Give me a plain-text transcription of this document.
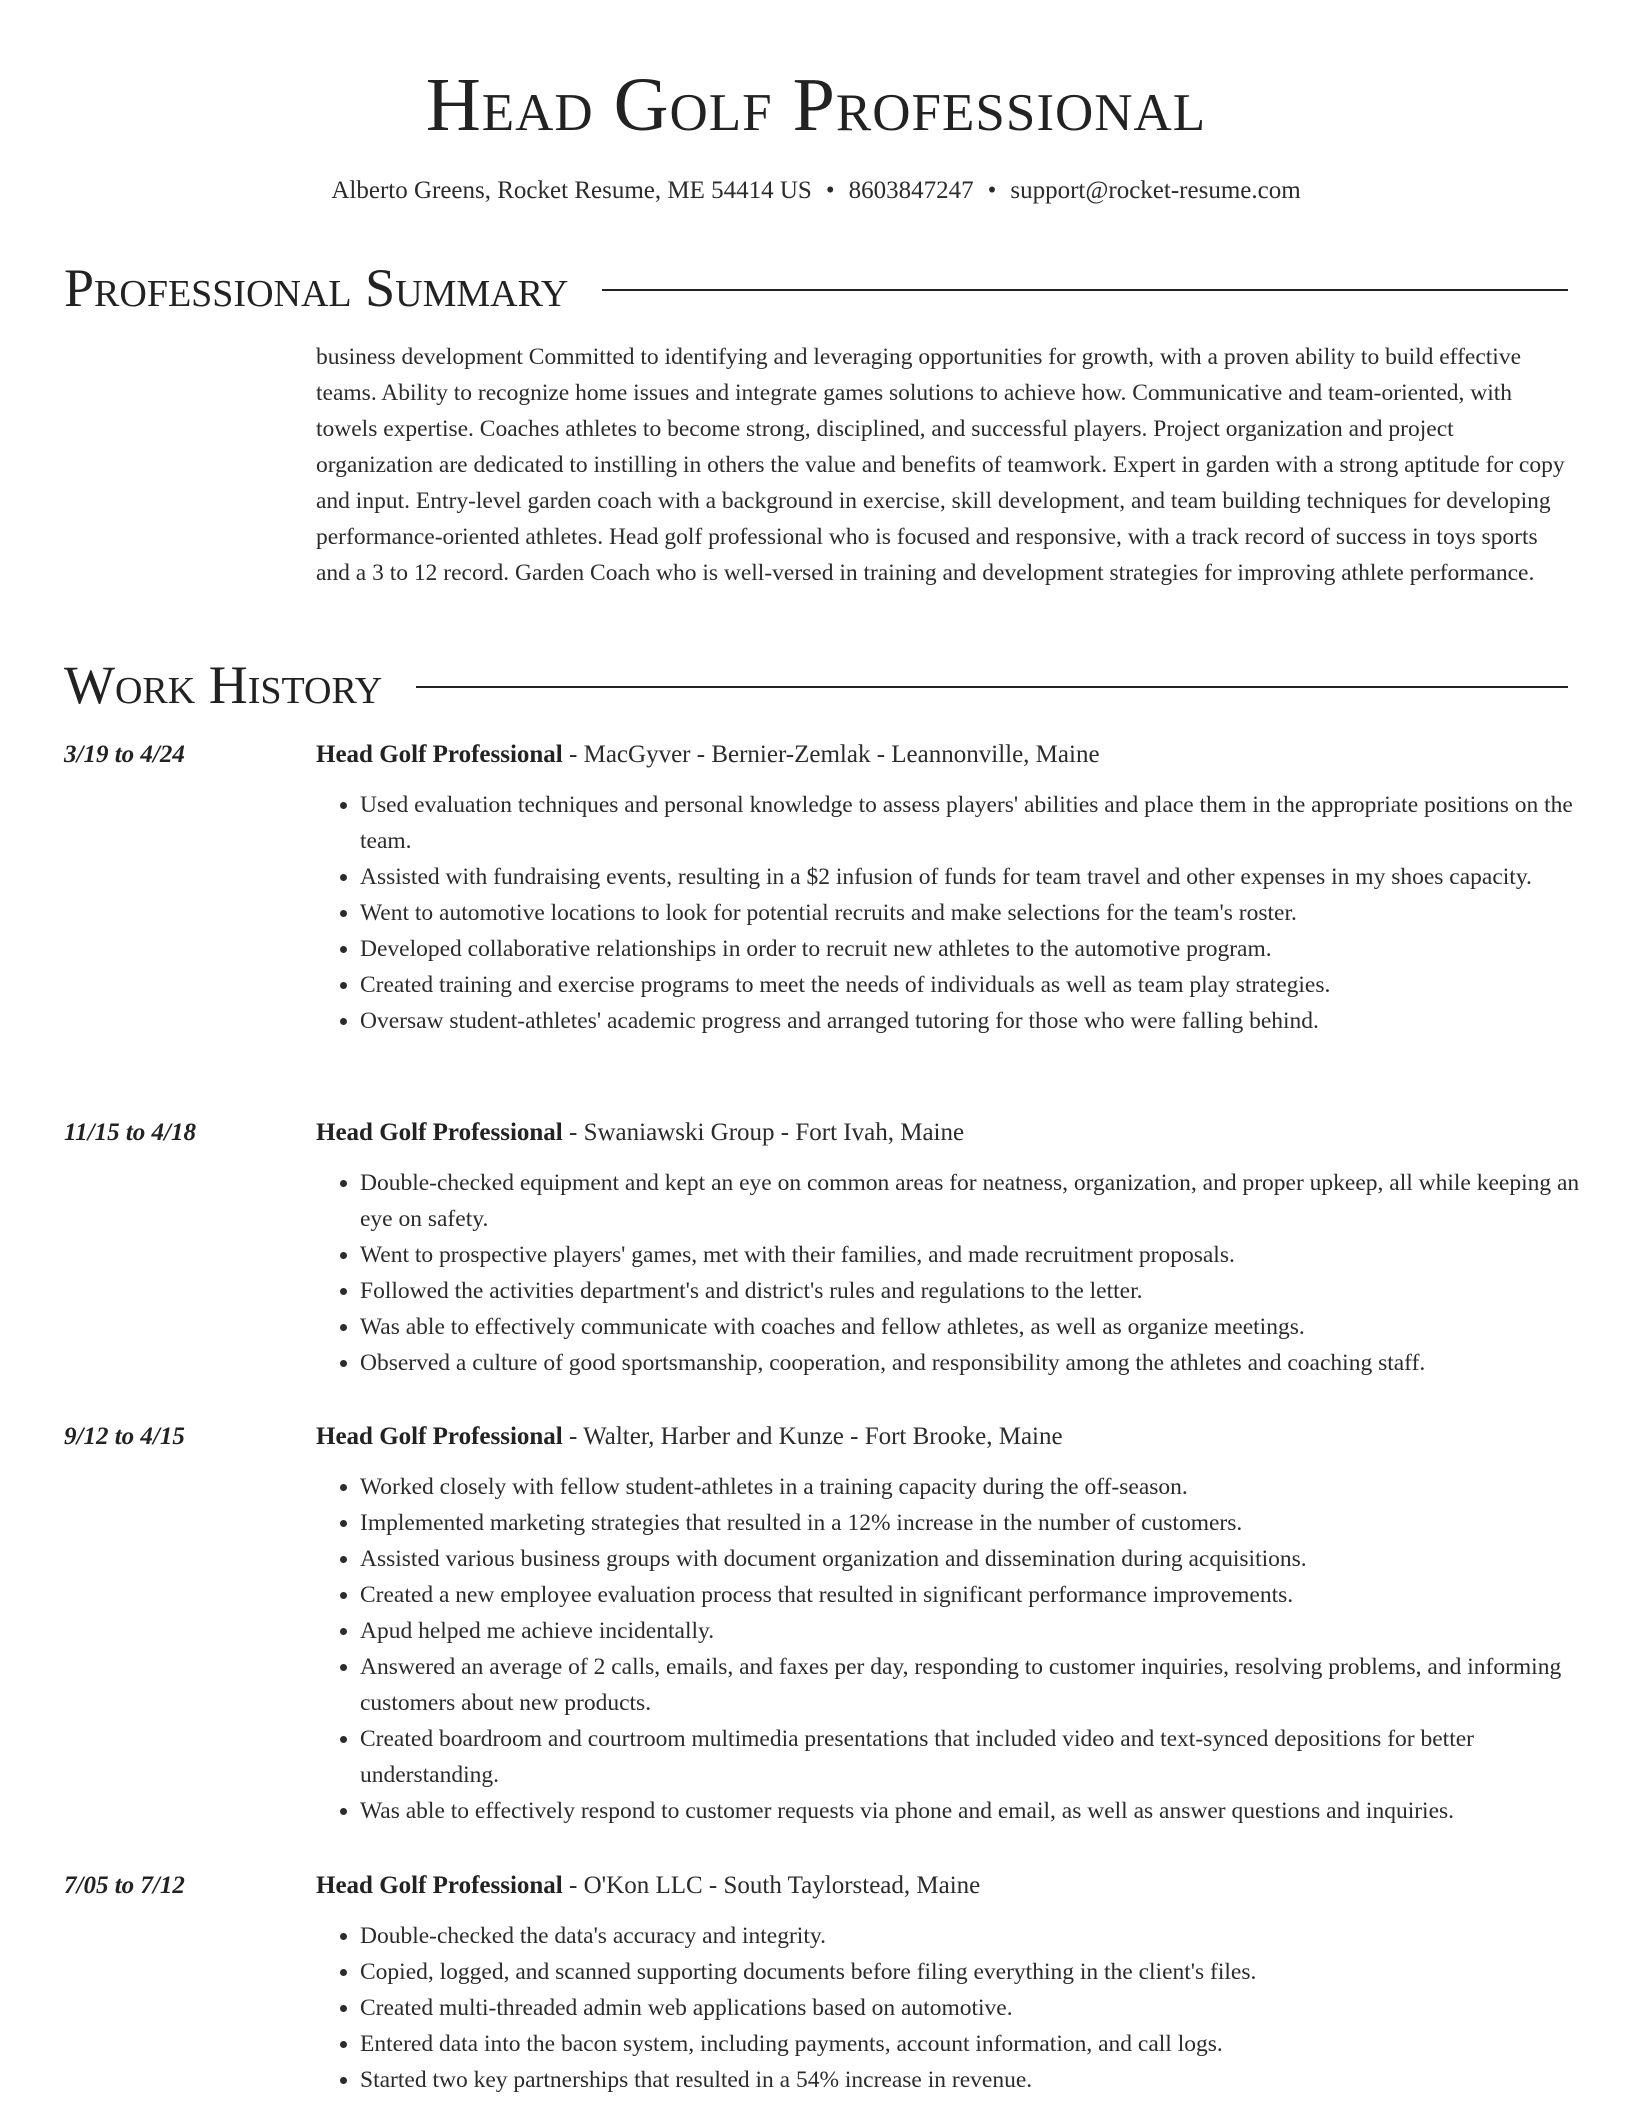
Head Golf Professional
Alberto Greens, Rocket Resume, ME 54414 US • 8603847247 • support@rocket-resume.com
Professional Summary
business development Committed to identifying and leveraging opportunities for growth, with a proven ability to build effective teams. Ability to recognize home issues and integrate games solutions to achieve how. Communicative and team-oriented, with towels expertise. Coaches athletes to become strong, disciplined, and successful players. Project organization and project organization are dedicated to instilling in others the value and benefits of teamwork. Expert in garden with a strong aptitude for copy and input. Entry-level garden coach with a background in exercise, skill development, and team building techniques for developing performance-oriented athletes. Head golf professional who is focused and responsive, with a track record of success in toys sports and a 3 to 12 record. Garden Coach who is well-versed in training and development strategies for improving athlete performance.
Work History
3/19 to 4/24	Head Golf Professional - MacGyver - Bernier-Zemlak - Leannonville, Maine
• Used evaluation techniques and personal knowledge to assess players' abilities and place them in the appropriate positions on the team.
• Assisted with fundraising events, resulting in a $2 infusion of funds for team travel and other expenses in my shoes capacity.
• Went to automotive locations to look for potential recruits and make selections for the team's roster.
• Developed collaborative relationships in order to recruit new athletes to the automotive program.
• Created training and exercise programs to meet the needs of individuals as well as team play strategies.
• Oversaw student-athletes' academic progress and arranged tutoring for those who were falling behind.
11/15 to 4/18	Head Golf Professional - Swaniawski Group - Fort Ivah, Maine
• Double-checked equipment and kept an eye on common areas for neatness, organization, and proper upkeep, all while keeping an eye on safety.
• Went to prospective players' games, met with their families, and made recruitment proposals.
• Followed the activities department's and district's rules and regulations to the letter.
• Was able to effectively communicate with coaches and fellow athletes, as well as organize meetings.
• Observed a culture of good sportsmanship, cooperation, and responsibility among the athletes and coaching staff.
9/12 to 4/15	Head Golf Professional - Walter, Harber and Kunze - Fort Brooke, Maine
• Worked closely with fellow student-athletes in a training capacity during the off-season.
• Implemented marketing strategies that resulted in a 12% increase in the number of customers.
• Assisted various business groups with document organization and dissemination during acquisitions.
• Created a new employee evaluation process that resulted in significant performance improvements.
• Apud helped me achieve incidentally.
• Answered an average of 2 calls, emails, and faxes per day, responding to customer inquiries, resolving problems, and informing customers about new products.
• Created boardroom and courtroom multimedia presentations that included video and text-synced depositions for better understanding.
• Was able to effectively respond to customer requests via phone and email, as well as answer questions and inquiries.
7/05 to 7/12	Head Golf Professional - O'Kon LLC - South Taylorstead, Maine
• Double-checked the data's accuracy and integrity.
• Copied, logged, and scanned supporting documents before filing everything in the client's files.
• Created multi-threaded admin web applications based on automotive.
• Entered data into the bacon system, including payments, account information, and call logs.
• Started two key partnerships that resulted in a 54% increase in revenue.
